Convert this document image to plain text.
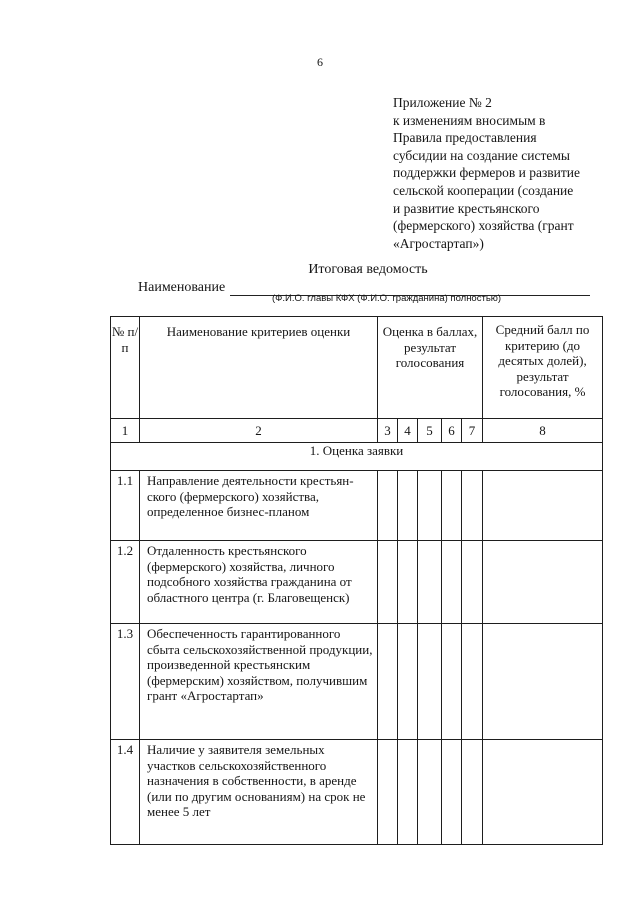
6
Приложение № 2
к изменениям вносимым в
Правила предоставления
субсидии на создание системы
поддержки фермеров и развитие
сельской кооперации (создание
и развитие крестьянского
(фермерского) хозяйства (грант
«Агростартап»)
Итоговая ведомость
Наименование
(Ф.И.О. главы КФХ (Ф.И.О. гражданина) полностью)
№ п/п	Наименование критериев оценки	Оценка в баллах, результат голосования					Средний балл по критерию (до десятых долей), результат голосования, %
1	2	3	4	5	6	7	8
1. Оценка заявки							
1.1	Направление деятельности крестьян-ского (фермерского) хозяйства, определенное бизнес-планом						
1.2	Отдаленность крестьянского (фермерского) хозяйства, личного подсобного хозяйства гражданина от областного центра (г. Благовещенск)						
1.3	Обеспеченность гарантированного сбыта сельскохозяйственной продукции, произведенной крестьянским (фермерским) хозяйством, получившим грант «Агростартап»						
1.4	Наличие у заявителя земельных участков сельскохозяйственного назначения в собственности, в аренде (или по другим основаниям) на срок не менее 5 лет						
